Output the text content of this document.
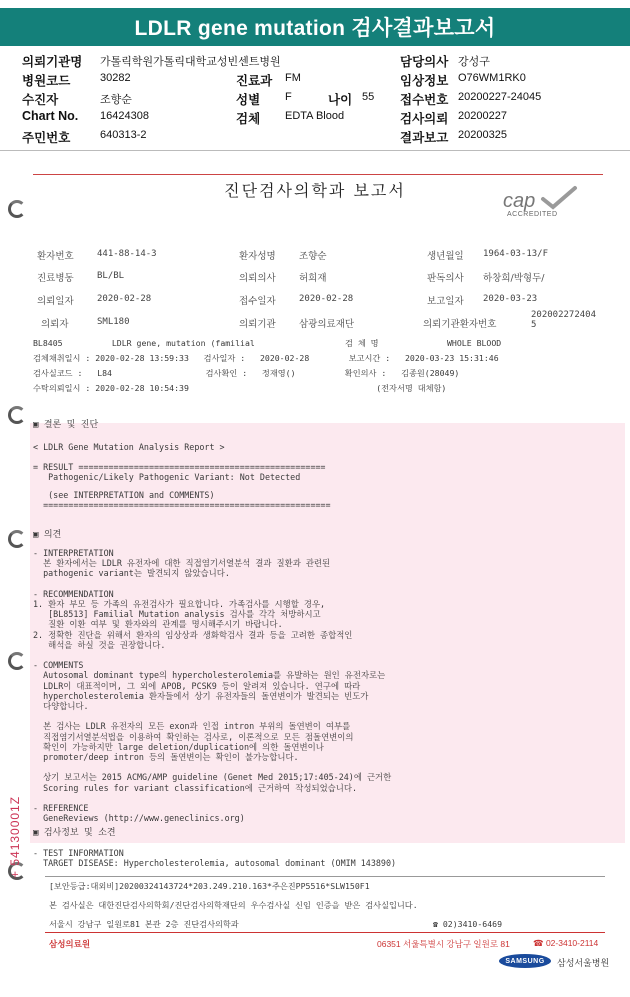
LDLR gene mutation 검사결과보고서
의뢰기관명 가톨릭학원가톨릭대학교성빈센트병원	담당의사 강성구
병원코드	30282	진료과 FM	임상정보 O76WM1RK0
수진자	조향순	성별 F	나이 55 접수번호 20200227-24045
Chart No. 16424308	검체 EDTA Blood	검사의뢰 20200227
주민번호	640313-2	결과보고 20200325
진단검사의학과 보고서	cap
ACCREDITED
환자번호	441-88-14-3	환자성명 조향순	생년월일 1964-03-13/F
진료병동	BL/BL	의뢰의사 허희재	판독의사 하창희/박형두/
의뢰일자	2020-02-28	접수일자	2020-02-28	보고일자 2020-03-23
의뢰자	SML180	의뢰기관 삼광의료재단	의뢰기관환자번호
202002272404
5
BL8405          LDLR gene, mutation (familial	검 체 명	WHOLE BLOOD
검체채취일시 : 2020-02-28 13:59:33   검사일자 :   2020-02-28        보고시간 :   2020-03-23 15:31:46
검사실코드 :   L84                   검사확인 :   정재영()          확인의사 :   김종원(28049)
수탁의뢰일시 : 2020-02-28 10:54:39                                      (전자서명 대체함)
▣ 결론 및 진단
< LDLR Gene Mutation Analysis Report >
= RESULT =================================================
Pathogenic/Likely Pathogenic Variant: Not Detected
(see INTERPRETATION and COMMENTS)
=========================================================
▣ 의견
- INTERPRETATION
본 환자에서는 LDLR 유전자에 대한 직접염기서열분석 결과 질환과 관련된
pathogenic variant는 발견되지 않았습니다.
- RECOMMENDATION
1. 환자 부모 등 가족의 유전검사가 필요합니다. 가족검사를 시행할 경우,
[BL8513] Familial Mutation analysis 검사를 각각 처방하시고
질환 이환 여부 및 환자와의 관계를 명시해주시기 바랍니다.
2. 정확한 진단을 위해서 환자의 임상상과 생화학검사 결과 등을 고려한 종합적인
해석을 하실 것을 권장합니다.
- COMMENTS
Autosomal dominant type의 hypercholesterolemia를 유발하는 원인 유전자로는
LDLR이 대표적이며, 그 외에 APOB, PCSK9 등이 알려져 있습니다. 연구에 따라
hypercholesterolemia 환자들에서 상기 유전자들의 돌연변이가 발견되는 빈도가
다양합니다.
본 검사는 LDLR 유전자의 모든 exon과 인접 intron 부위의 돌연변이 여부를
직접염기서열분석법을 이용하여 확인하는 검사로, 이론적으로 모든 점돌연변이의
확인이 가능하지만 large deletion/duplication에 의한 돌연변이나
promoter/deep intron 등의 돌연변이는 확인이 불가능합니다.
상기 보고서는 2015 ACMG/AMP guideline (Genet Med 2015;17:405-24)에 근거한
Scoring rules for variant classification에 근거하여 작성되었습니다.
- REFERENCE
GeneReviews (http://www.geneclinics.org)
▣ 검사정보 및 소견
- TEST INFORMATION
TARGET DISEASE: Hypercholesterolemia, autosomal dominant (OMIM 143890)
[보안등급:대외비]20200324143724*203.249.210.163*주은진PP5516*SLW150F1
본 검사실은 대한진단검사의학회/진단검사의학재단의 우수검사실 신임 인증을 받은 검사실입니다.
서울시 강남구 일원로81 본관 2층 진단검사의학과	☎ 02)3410-6469
삼성의료원	06351 서울특별시 강남구 일원로 81	☎ 02-3410-2114
SAMSUNG	삼성서울병원
+ 54130001Z
